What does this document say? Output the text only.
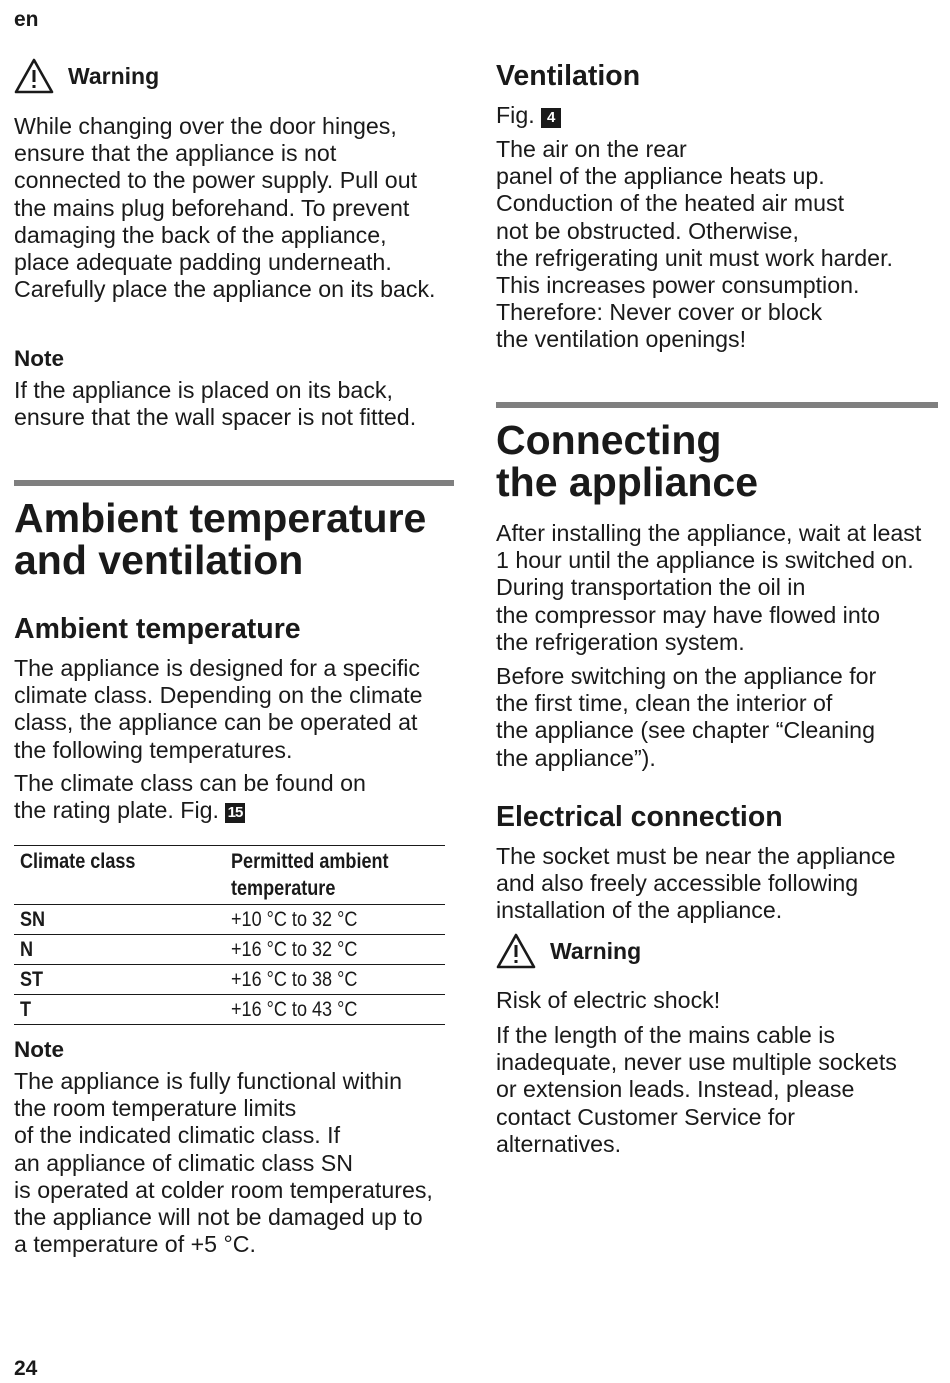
en
Warning

While changing over the door hinges, ensure that the appliance is not connected to the power supply. Pull out the mains plug beforehand. To prevent damaging the back of the appliance, place adequate padding underneath. Carefully place the appliance on its back.

Note

If the appliance is placed on its back, ensure that the wall spacer is not fitted.

Ambient temperature
and ventilation
Ambient temperature

The appliance is designed for a specific climate class. Depending on the climate class, the appliance can be operated at the following temperatures.

The climate class can be found on
the rating plate. Fig. 15
Climate class	Permitted ambient
temperature
SN	+10 °C to 32 °C
N	+16 °C to 32 °C
ST	+16 °C to 38 °C
T	+16 °C to 43 °C
Note
The appliance is fully functional within
the room temperature limits
of the indicated climatic class. If
an appliance of climatic class SN
is operated at colder room temperatures,
the appliance will not be damaged up to
a temperature of +5 °C.
Ventilation
Fig. 4
The air on the rear
panel of the appliance heats up.
Conduction of the heated air must
not be obstructed. Otherwise,
the refrigerating unit must work harder.
This increases power consumption.
Therefore: Never cover or block
the ventilation openings!
Connecting
the appliance
After installing the appliance, wait at least
1 hour until the appliance is switched on.
During transportation the oil in
the compressor may have flowed into
the refrigeration system.
Before switching on the appliance for
the first time, clean the interior of
the appliance (see chapter “Cleaning
the appliance”).
Electrical connection
The socket must be near the appliance
and also freely accessible following
installation of the appliance.
Warning

Risk of electric shock!

If the length of the mains cable is
inadequate, never use multiple sockets
or extension leads. Instead, please
contact Customer Service for
alternatives.
24
